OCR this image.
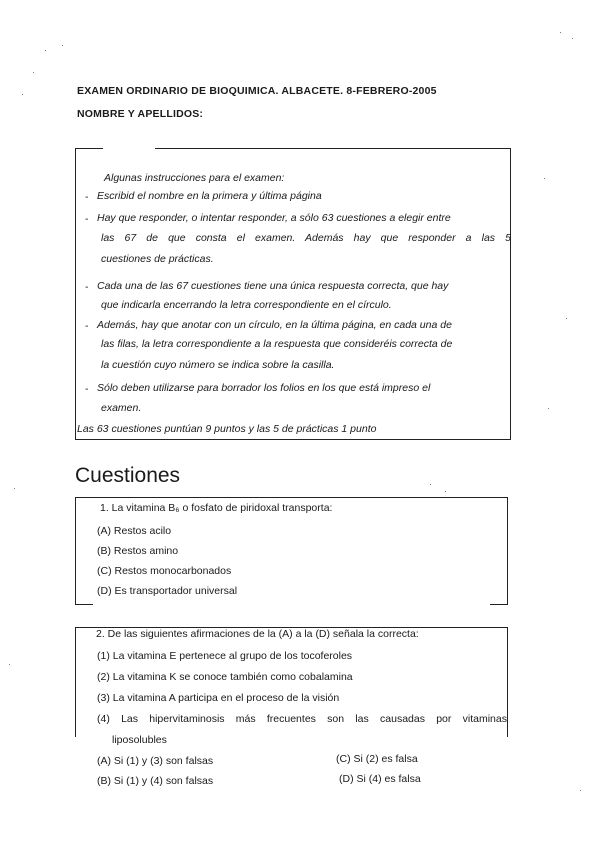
EXAMEN ORDINARIO DE BIOQUIMICA. ALBACETE. 8-FEBRERO-2005
NOMBRE Y APELLIDOS:
Algunas instrucciones para el examen:
- Escribid el nombre en la primera y última página
- Hay que responder, o intentar responder, a sólo 63 cuestiones a elegir entre
las 67 de que consta el examen. Además hay que responder a las 5
cuestiones de prácticas.
- Cada una de las 67 cuestiones tiene una única respuesta correcta, que hay
que indicarla encerrando la letra correspondiente en el círculo.
- Además, hay que anotar con un círculo, en la última página, en cada una de
las filas, la letra correspondiente a la respuesta que consideréis correcta de
la cuestión cuyo número se indica sobre la casilla.
- Sólo deben utilizarse para borrador los folios en los que está impreso el
examen.
Las 63 cuestiones puntúan 9 puntos y las 5 de prácticas 1 punto
Cuestiones
1. La vitamina B₆ o fosfato de piridoxal transporta:
(A) Restos acilo
(B) Restos amino
(C) Restos monocarbonados
(D) Es transportador universal
2. De las siguientes afirmaciones de la (A) a la (D) señala la correcta:
(1) La vitamina E pertenece al grupo de los tocoferoles
(2) La vitamina K se conoce también como cobalamina
(3) La vitamina A participa en el proceso de la visión
(4) Las hipervitaminosis más frecuentes son las causadas por vitaminas
liposolubles
(A) Si (1) y (3) son falsas	(C) Si (2) es falsa
(B) Si (1) y (4) son falsas	(D) Si (4) es falsa
